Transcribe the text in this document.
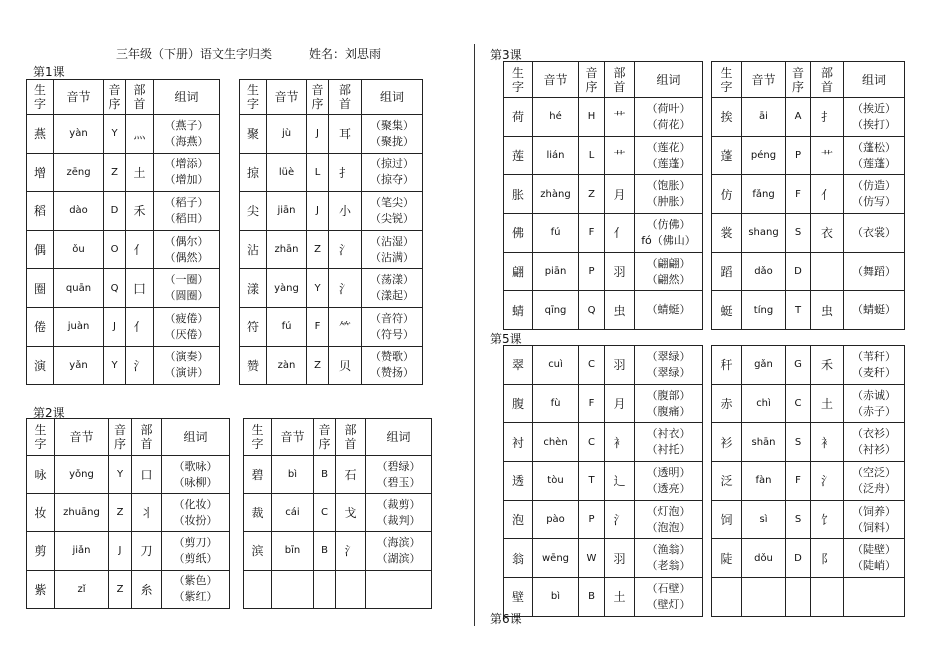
三年级（下册）语文生字归类	姓名：刘思雨
第1课
第2课
第3课
第5课
第6课
生
字	音节	音
序	部
首	组词
燕	yàn	Y	灬	（燕子）
（海燕）

增	zēng	Z	土	（增添）
（增加）

稻	dào	D	禾	（稻子）
（稻田）

偶	ǒu	O	亻	（偶尔）
（偶然）

圈	quān	Q	囗	（一圈）
（圆圈）

倦	juàn	J	亻	（疲倦）
（厌倦）

演	yǎn	Y	氵	（演奏）
（演讲）
生
字	音节	音
序	部
首	组词
聚	jù	J	耳	（聚集）
（聚拢）

掠	lüè	L	扌	（掠过）
（掠夺）

尖	jiān	J	小	（笔尖）
（尖锐）

沾	zhān	Z	氵	（沾湿）
（沾满）

漾	yàng	Y	氵	（荡漾）
（漾起）

符	fú	F	⺮	（音符）
（符号）

赞	zàn	Z	贝	（赞歌）
（赞扬）
生
字	音节	音
序	部
首	组词
咏	yǒng	Y	口	（歌咏）
（咏柳）

妆	zhuāng	Z	丬	（化妆）
（妆扮）

剪	jiǎn	J	刀	（剪刀）
（剪纸）

紫	zǐ	Z	糸	（紫色）
（紫红）
生
字	音节	音
序	部
首	组词
碧	bì	B	石	（碧绿）
（碧玉）

裁	cái	C	戈	（裁剪）
（裁判）

滨	bīn	B	氵	（海滨）
（湖滨）

生
字	音节	音
序	部
首	组词
荷	hé	H	艹	（荷叶）
（荷花）

莲	lián	L	艹	（莲花）
（莲蓬）

胀	zhàng	Z	月	（饱胀）
（肿胀）

佛	fú	F	亻	（仿佛）
fó（佛山）

翩	piān	P	羽	（翩翩）
（翩然）

蜻	qīng	Q	虫	（蜻蜓）
生
字	音节	音
序	部
首	组词
挨	āi	A	扌	（挨近）
（挨打）

蓬	péng	P	艹	（蓬松）
（莲蓬）

仿	fǎng	F	亻	（仿造）
（仿写）

裳	shang	S	衣	（衣裳）

蹈	dǎo	D		（舞蹈）

蜓	tíng	T	虫	（蜻蜓）
翠	cuì	C	羽	（翠绿）
（翠绿）

腹	fù	F	月	（腹部）
（腹痛）

衬	chèn	C	衤	（衬衣）
（衬托）

透	tòu	T	辶	（透明）
（透亮）

泡	pào	P	氵	（灯泡）
（泡泡）

翁	wēng	W	羽	（渔翁）
（老翁）

壁	bì	B	土	（石壁）
（壁灯）
秆	gǎn	G	禾	（苇秆）
（麦秆）

赤	chì	C	土	（赤诚）
（赤子）

衫	shān	S	衤	（衣衫）
（衬衫）

泛	fàn	F	氵	（空泛）
（泛舟）

饲	sì	S	饣	（饲养）
（饲料）

陡	dǒu	D	阝	（陡壁）
（陡峭）
